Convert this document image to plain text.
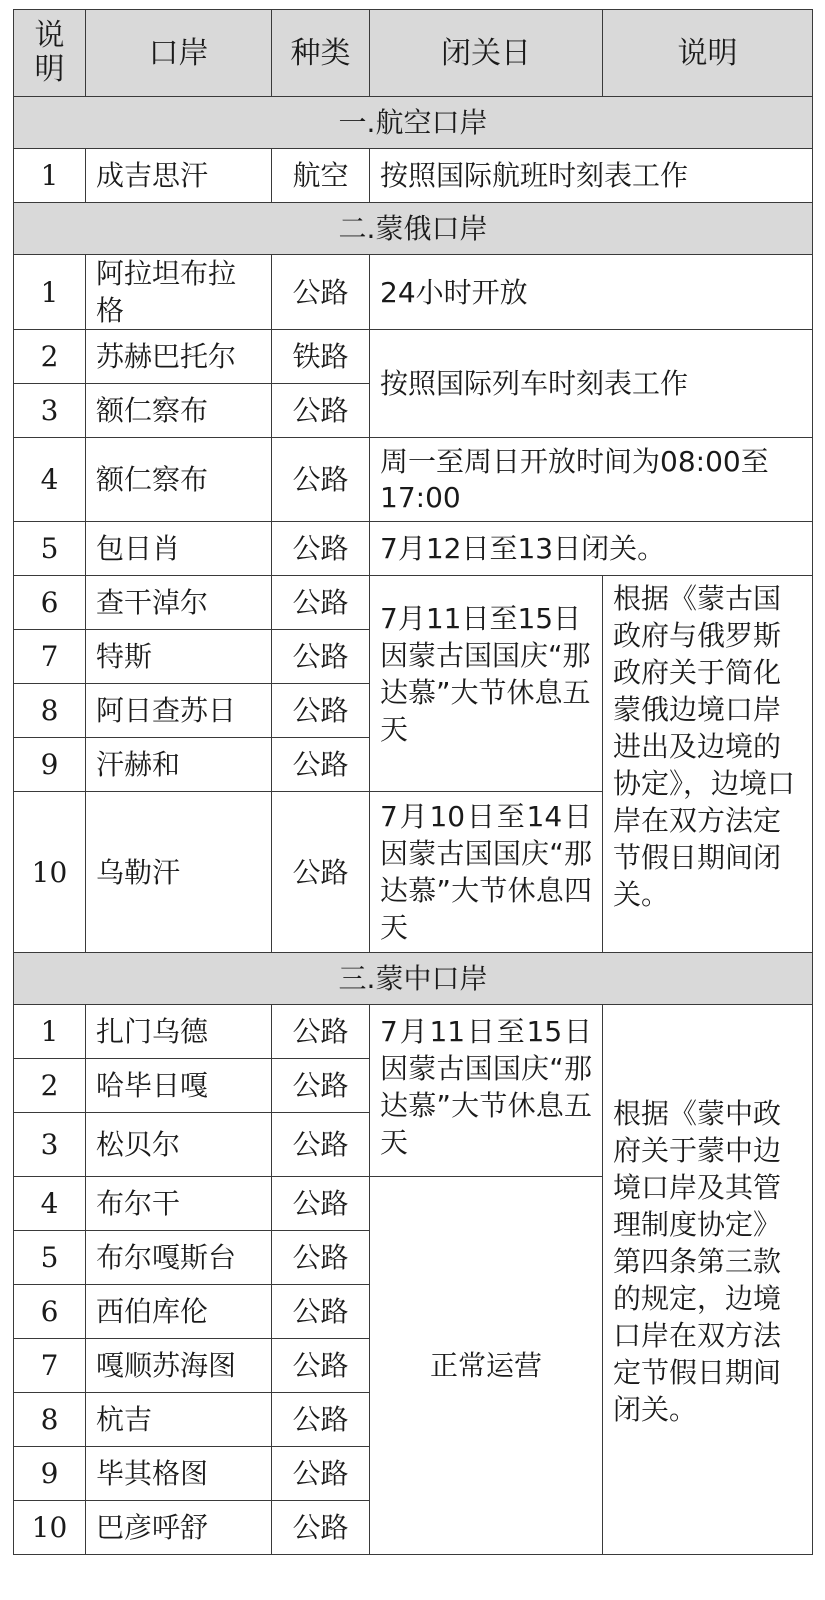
说明	口岸	种类	闭关日	说明
一.航空口岸				
1	成吉思汗	航空	按照国际航班时刻表工作	
二.蒙俄口岸				
1	阿拉坦布拉格	公路	24小时开放	
2	苏赫巴托尔	铁路	按照国际列车时刻表工作	
3	额仁察布	公路		
4	额仁察布	公路	周一至周日开放时间为08:00至17:00	
5	包日肖	公路	7月12日至13日闭关。	
6	查干淖尔	公路	7月11日至15日因蒙古国国庆“那达慕”大节休息五天	根据《蒙古国政府与俄罗斯政府关于简化蒙俄边境口岸进出及边境的协定》，边境口岸在双方法定节假日期间闭关。
7	特斯	公路		
8	阿日查苏日	公路		
9	汗赫和	公路		
10	乌勒汗	公路	7月10日至14日因蒙古国国庆“那达慕”大节休息四天	
三.蒙中口岸				
1	扎门乌德	公路	7月11日至15日因蒙古国国庆“那达慕”大节休息五天	根据《蒙中政府关于蒙中边境口岸及其管理制度协定》第四条第三款的规定，边境口岸在双方法定节假日期间闭关。
2	哈毕日嘎	公路		
3	松贝尔	公路		
4	布尔干	公路	正常运营	
5	布尔嘎斯台	公路		
6	西伯库伦	公路		
7	嘎顺苏海图	公路		
8	杭吉	公路		
9	毕其格图	公路		
10	巴彦呼舒	公路		
